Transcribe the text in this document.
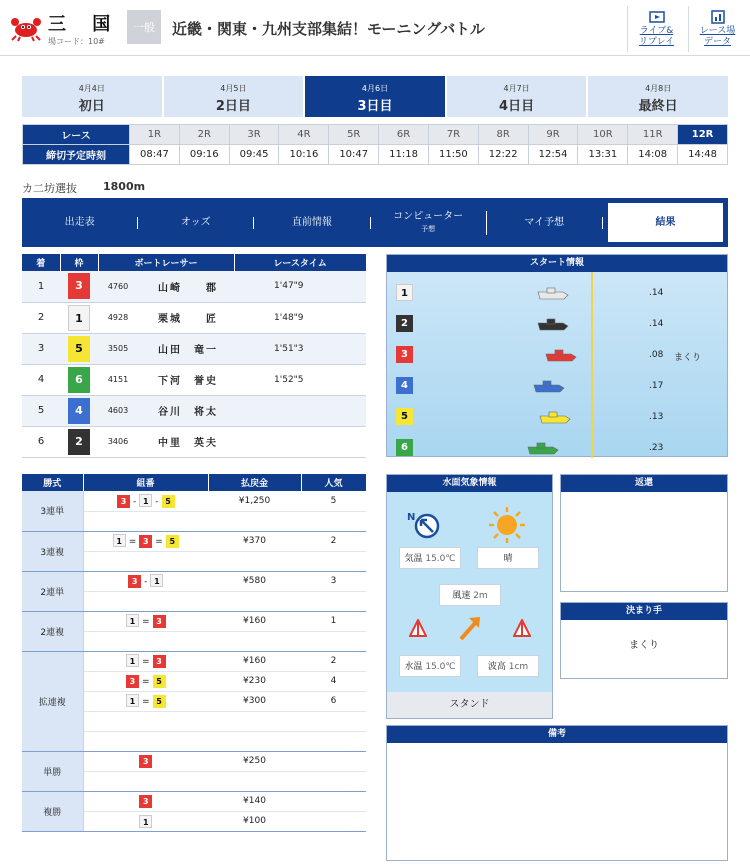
三 国
場コード：10#
一般	近畿・関東・九州支部集結！モーニングバトル	ライブ&
リプレイ
レース場
データ
4月4日
初日
4月5日
2日目
4月6日
3日目
4月7日
4日目
4月8日
最終日
レース	1R	2R	3R	4R	5R	6R	7R	8R	9R	10R	11R	12R
締切予定時刻	08:47	09:16	09:45	10:16	10:47	11:18	11:50	12:22	12:54	13:31	14:08	14:48
カ二坊選抜 1800m
出走表	オッズ	直前情報
コンピューター
予想
マイ予想	結果
着	枠	ボートレーサー		レースタイム
1	3	4760	山崎　　郡	1'47"9
2	1	4928	栗城　　匠	1'48"9
3	5	3505	山田　竜一	1'51"3
4	6	4151	下河　誉史	1'52"5
5	4	4603	谷川　将太	
6	2	3406	中里　英夫	
スタート情報
1	.14
2	.14
3	.08 まくり
4	.17
5	.13
6	.23
勝式	組番	払戻金	人気
3連単	3 - 1 - 5	¥1,250	5

3連複	1 = 3 = 5	¥370	2

2連単	3 - 1	¥580	3

2連複	1 = 3	¥160	1

拡連複	1 = 3	¥160	2
	3 = 5	¥230	4
	1 = 5	¥300	6

単勝	3	¥250	

複勝	3	¥140	
	1	¥100	
水面気象情報
N
気温 15.0℃	晴
風速 2m
水温 15.0℃	波高 1cm
スタンド
返還
決まり手
まくり
備考
